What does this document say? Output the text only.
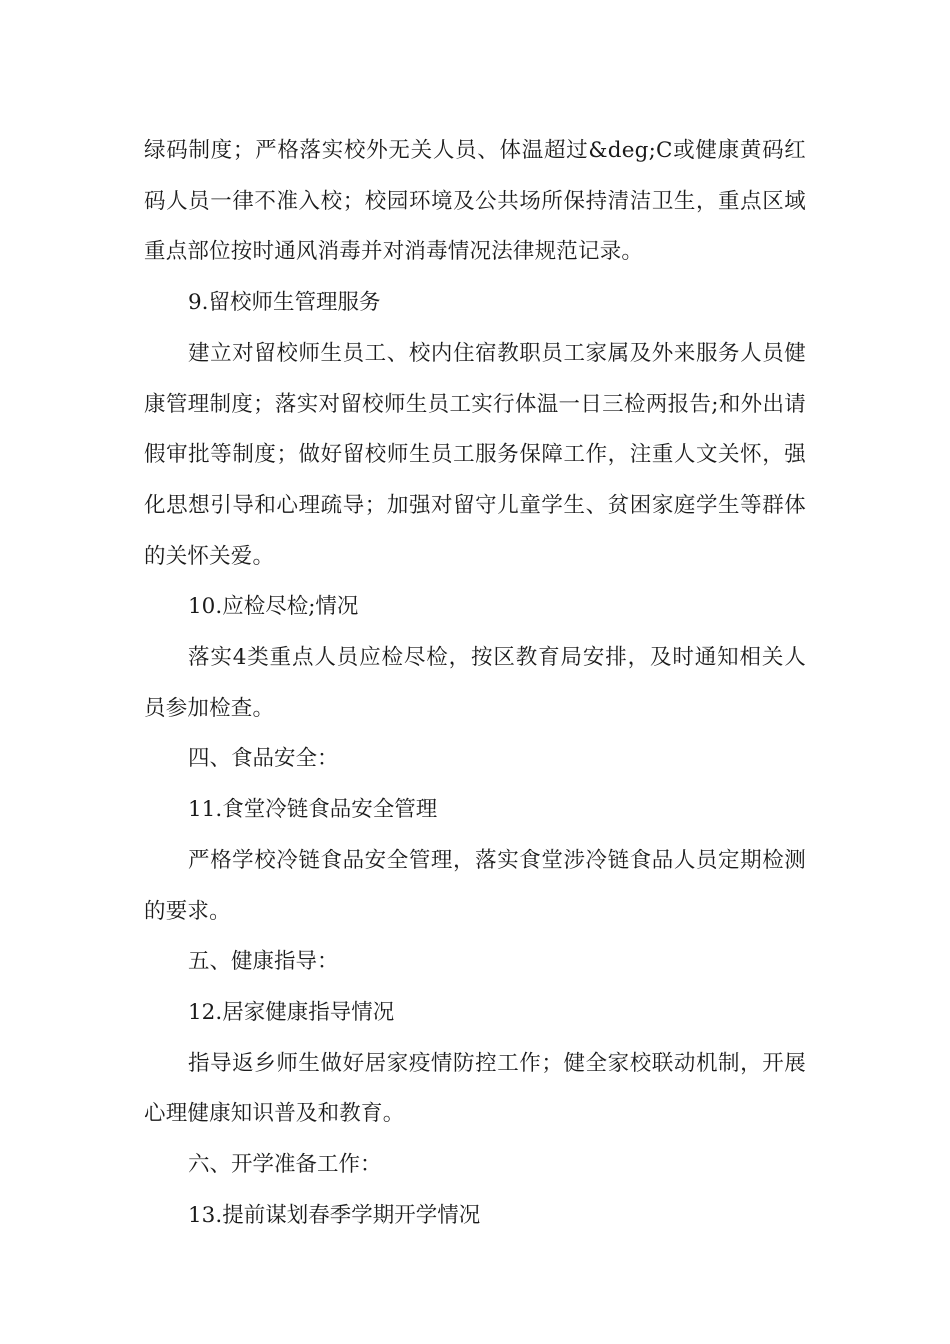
绿码制度；严格落实校外无关人员、体温超过&deg;C或健康黄码红码人员一律不准入校；校园环境及公共场所保持清洁卫生，重点区域重点部位按时通风消毒并对消毒情况法律规范记录。

9.留校师生管理服务

建立对留校师生员工、校内住宿教职员工家属及外来服务人员健康管理制度；落实对留校师生员工实行体温一日三检两报告;和外出请假审批等制度；做好留校师生员工服务保障工作，注重人文关怀，强化思想引导和心理疏导；加强对留守儿童学生、贫困家庭学生等群体的关怀关爱。

10.应检尽检;情况

落实4类重点人员应检尽检，按区教育局安排，及时通知相关人员参加检查。

四、食品安全：

11.食堂冷链食品安全管理

严格学校冷链食品安全管理，落实食堂涉冷链食品人员定期检测的要求。

五、健康指导：

12.居家健康指导情况

指导返乡师生做好居家疫情防控工作；健全家校联动机制，开展心理健康知识普及和教育。

六、开学准备工作：

13.提前谋划春季学期开学情况
